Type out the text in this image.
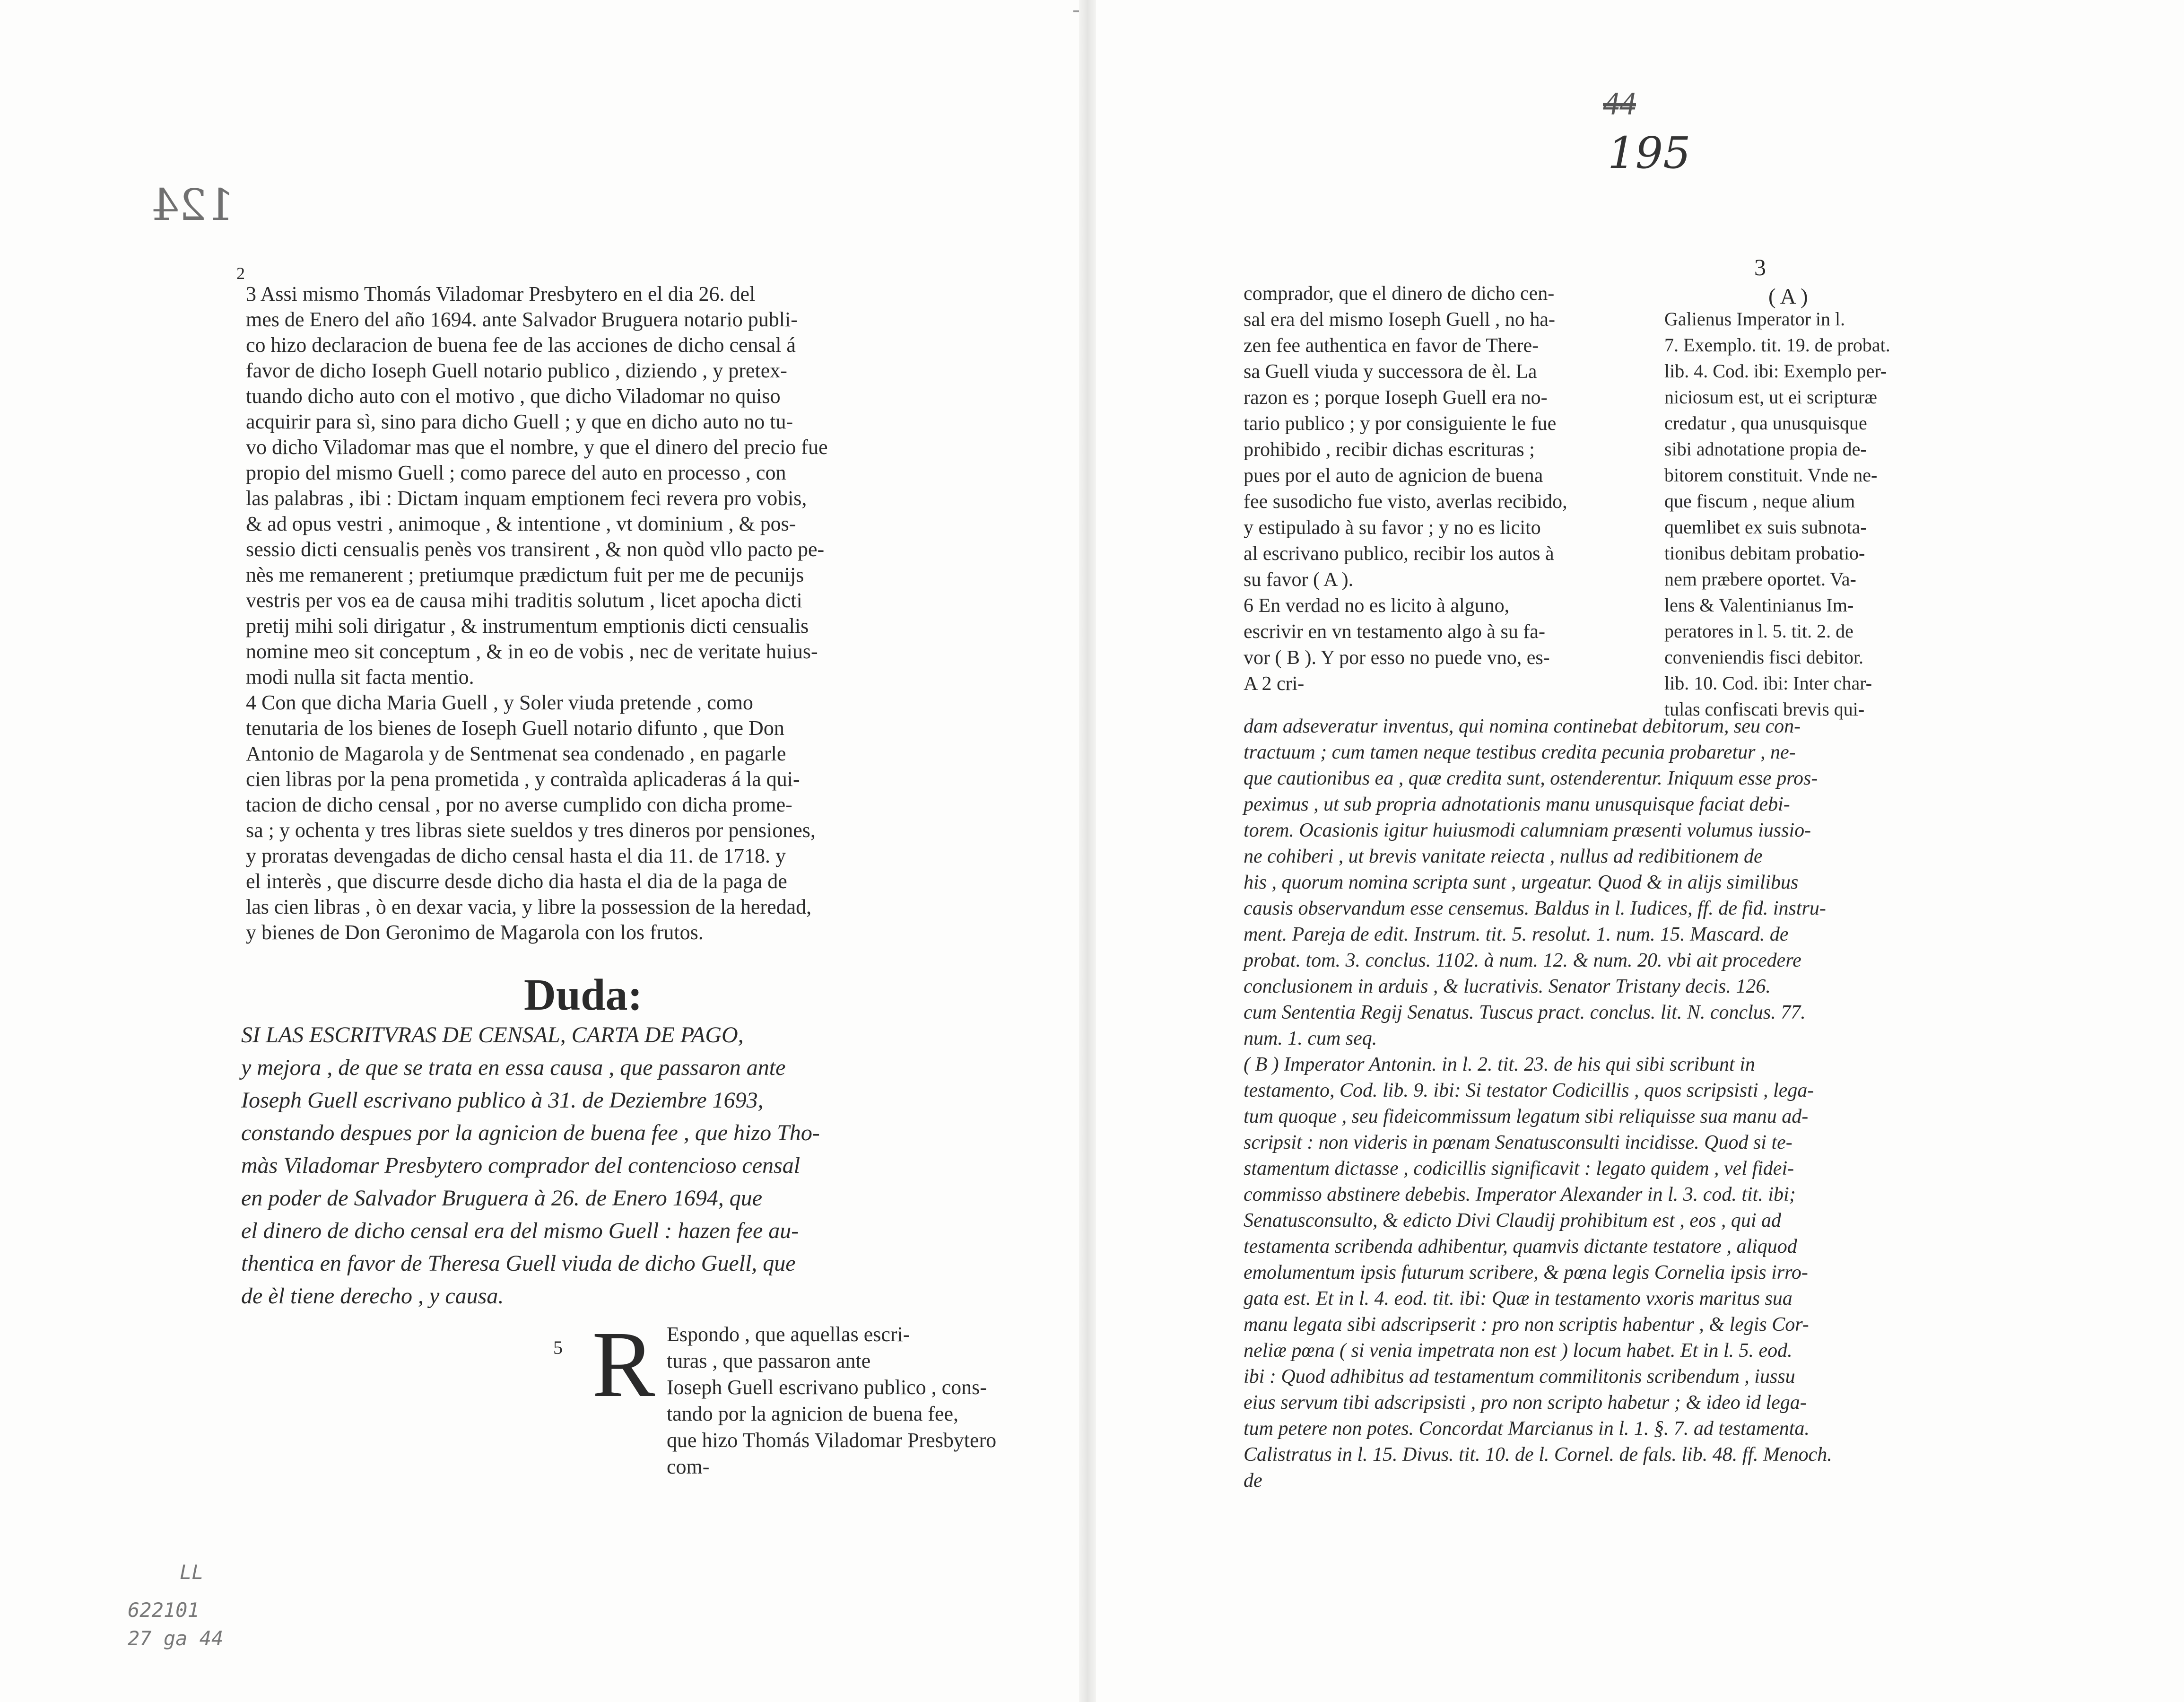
124
2
3 Assi mismo Thomás Viladomar Presbytero en el dia 26. del
mes de Enero del año 1694. ante Salvador Bruguera notario publi-
co hizo declaracion de buena fee de las acciones de dicho censal á
favor de dicho Ioseph Guell notario publico , diziendo , y pretex-
tuando dicho auto con el motivo , que dicho Viladomar no quiso
acquirir para sì, sino para dicho Guell ; y que en dicho auto no tu-
vo dicho Viladomar mas que el nombre, y que el dinero del precio fue
propio del mismo Guell ; como parece del auto en processo , con
las palabras , ibi : Dictam inquam emptionem feci revera pro vobis,
& ad opus vestri , animoque , & intentione , vt dominium , & pos-
sessio dicti censualis penès vos transirent , & non quòd vllo pacto pe-
nès me remanerent ; pretiumque prædictum fuit per me de pecunijs
vestris per vos ea de causa mihi traditis solutum , licet apocha dicti
pretij mihi soli dirigatur , & instrumentum emptionis dicti censualis
nomine meo sit conceptum , & in eo de vobis , nec de veritate huius-
modi nulla sit facta mentio.
4 Con que dicha Maria Guell , y Soler viuda pretende , como
tenutaria de los bienes de Ioseph Guell notario difunto , que Don
Antonio de Magarola y de Sentmenat sea condenado , en pagarle
cien libras por la pena prometida , y contraìda aplicaderas á la qui-
tacion de dicho censal , por no averse cumplido con dicha prome-
sa ; y ochenta y tres libras siete sueldos y tres dineros por pensiones,
y proratas devengadas de dicho censal hasta el dia 11. de 1718. y
el interès , que discurre desde dicho dia hasta el dia de la paga de
las cien libras , ò en dexar vacia, y libre la possession de la heredad,
y bienes de Don Geronimo de Magarola con los frutos.
Duda:
SI LAS ESCRITVRAS DE CENSAL, CARTA DE PAGO,
y mejora , de que se trata en essa causa , que passaron ante
Ioseph Guell escrivano publico à 31. de Deziembre 1693,
constando despues por la agnicion de buena fee , que hizo Tho-
màs Viladomar Presbytero comprador del contencioso censal
en poder de Salvador Bruguera à 26. de Enero 1694, que
el dinero de dicho censal era del mismo Guell : hazen fee au-
thentica en favor de Theresa Guell viuda de dicho Guell, que
de èl tiene derecho , y causa.
5 R Espondo , que aquellas escri-
turas , que passaron ante
Ioseph Guell escrivano publico , cons-
tando por la agnicion de buena fee,
que hizo Thomás Viladomar Presbytero
com-
LL
622101
27 ga 44
44
195
3
comprador, que el dinero de dicho cen-
sal era del mismo Ioseph Guell , no ha-
zen fee authentica en favor de There-
sa Guell viuda y successora de èl. La
razon es ; porque Ioseph Guell era no-
tario publico ; y por consiguiente le fue
prohibido , recibir dichas escrituras ;
pues por el auto de agnicion de buena
fee susodicho fue visto, averlas recibido,
y estipulado à su favor ; y no es licito
al escrivano publico, recibir los autos à
su favor ( A ).
6 En verdad no es licito à alguno,
escrivir en vn testamento algo à su fa-
vor ( B ). Y por esso no puede vno, es-
A 2 cri-
( A )
Galienus Imperator in l.
7. Exemplo. tit. 19. de probat.
lib. 4. Cod. ibi: Exemplo per-
niciosum est, ut ei scripturæ
credatur , qua unusquisque
sibi adnotatione propia de-
bitorem constituit. Vnde ne-
que fiscum , neque alium
quemlibet ex suis subnota-
tionibus debitam probatio-
nem præbere oportet. Va-
lens & Valentinianus Im-
peratores in l. 5. tit. 2. de
conveniendis fisci debitor.
lib. 10. Cod. ibi: Inter char-
tulas confiscati brevis qui-
dam adseveratur inventus, qui nomina continebat debitorum, seu con-
tractuum ; cum tamen neque testibus credita pecunia probaretur , ne-
que cautionibus ea , quæ credita sunt, ostenderentur. Iniquum esse pros-
peximus , ut sub propria adnotationis manu unusquisque faciat debi-
torem. Ocasionis igitur huiusmodi calumniam præsenti volumus iussio-
ne cohiberi , ut brevis vanitate reiecta , nullus ad redibitionem de
his , quorum nomina scripta sunt , urgeatur. Quod & in alijs similibus
causis observandum esse censemus. Baldus in l. Iudices, ff. de fid. instru-
ment. Pareja de edit. Instrum. tit. 5. resolut. 1. num. 15. Mascard. de
probat. tom. 3. conclus. 1102. à num. 12. & num. 20. vbi ait procedere
conclusionem in arduis , & lucrativis. Senator Tristany decis. 126.
cum Sententia Regij Senatus. Tuscus pract. conclus. lit. N. conclus. 77.
num. 1. cum seq.
( B ) Imperator Antonin. in l. 2. tit. 23. de his qui sibi scribunt in
testamento, Cod. lib. 9. ibi: Si testator Codicillis , quos scripsisti , lega-
tum quoque , seu fideicommissum legatum sibi reliquisse sua manu ad-
scripsit : non videris in pœnam Senatusconsulti incidisse. Quod si te-
stamentum dictasse , codicillis significavit : legato quidem , vel fidei-
commisso abstinere debebis. Imperator Alexander in l. 3. cod. tit. ibi;
Senatusconsulto, & edicto Divi Claudij prohibitum est , eos , qui ad
testamenta scribenda adhibentur, quamvis dictante testatore , aliquod
emolumentum ipsis futurum scribere, & pœna legis Cornelia ipsis irro-
gata est. Et in l. 4. eod. tit. ibi: Quæ in testamento vxoris maritus sua
manu legata sibi adscripserit : pro non scriptis habentur , & legis Cor-
neliæ pœna ( si venia impetrata non est ) locum habet. Et in l. 5. eod.
ibi : Quod adhibitus ad testamentum commilitonis scribendum , iussu
eius servum tibi adscripsisti , pro non scripto habetur ; & ideo id lega-
tum petere non potes. Concordat Marcianus in l. 1. §. 7. ad testamenta.
Calistratus in l. 15. Divus. tit. 10. de l. Cornel. de fals. lib. 48. ff. Menoch.
de
